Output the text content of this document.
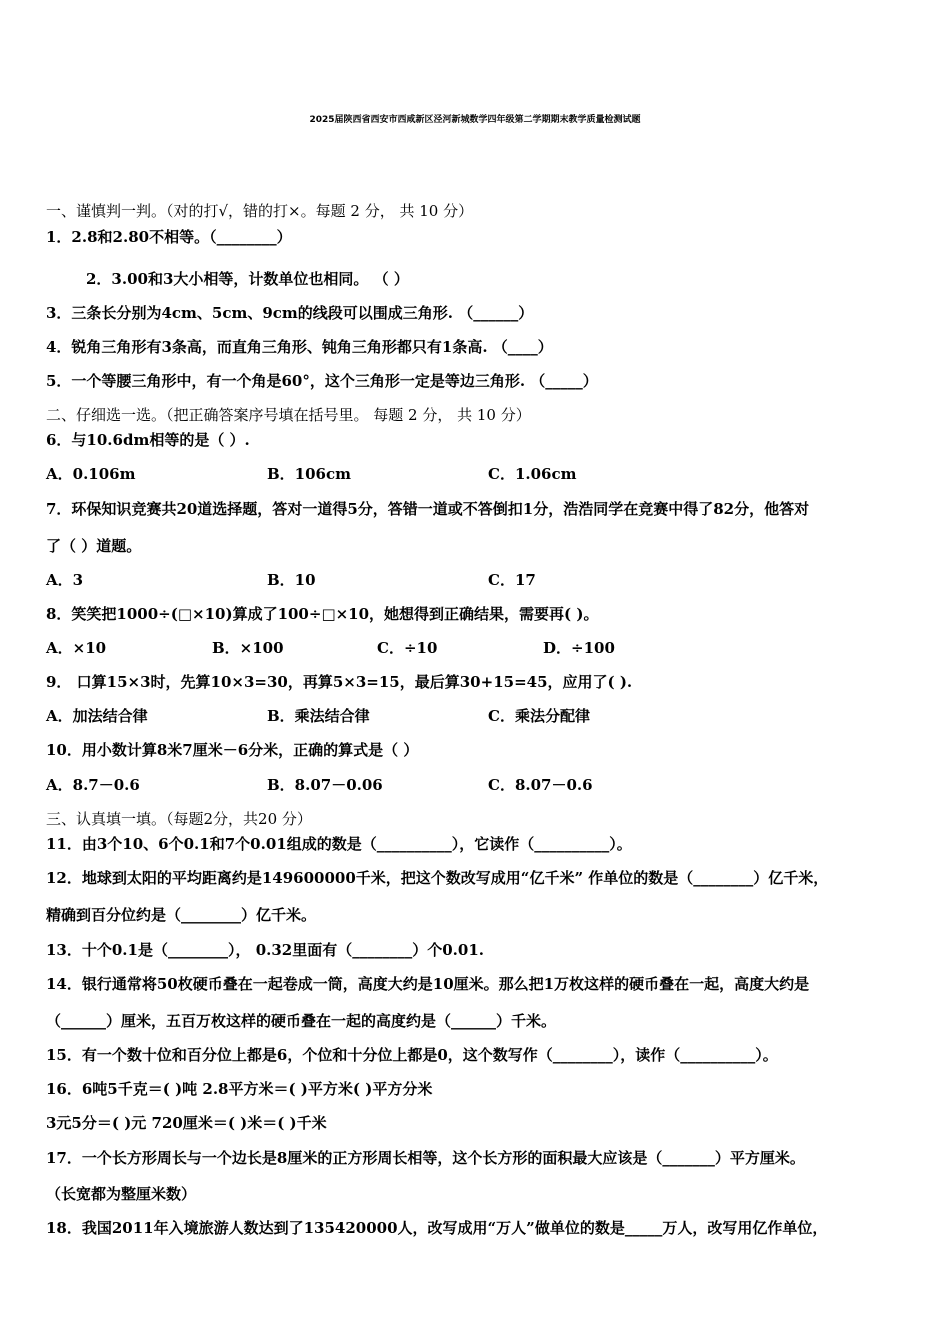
2025届陕西省西安市西咸新区泾河新城数学四年级第二学期期末教学质量检测试题
一、谨慎判一判。（对的打√，错的打×。每题 2 分， 共 10 分）
1．2.8和2.80不相等。（________）
2．3.00和3大小相等，计数单位也相同。 （ ）
3．三条长分别为4cm、5cm、9cm的线段可以围成三角形. （______）
4．锐角三角形有3条高，而直角三角形、钝角三角形都只有1条高. （____）
5．一个等腰三角形中，有一个角是60°，这个三角形一定是等边三角形. （_____）
二、仔细选一选。（把正确答案序号填在括号里。 每题 2 分， 共 10 分）
6．与10.6dm相等的是（ ）.
A．0.106m	B．106cm	C．1.06cm
7．环保知识竞赛共20道选择题，答对一道得5分，答错一道或不答倒扣1分，浩浩同学在竞赛中得了82分，他答对
了（ ）道题。
A．3	B．10	C．17
8．笑笑把1000÷(□×10)算成了100÷□×10，她想得到正确结果，需要再( )。
A．×10	B．×100	C．÷10	D．÷100
9． 口算15×3时，先算10×3=30，再算5×3=15，最后算30+15=45，应用了( ).
A．加法结合律	B．乘法结合律	C．乘法分配律
10．用小数计算8米7厘米－6分米，正确的算式是（ ）
A．8.7－0.6	B．8.07－0.06	C．8.07－0.6
三、认真填一填。（每题2分，共20 分）
11．由3个10、6个0.1和7个0.01组成的数是（__________），它读作（__________）。
12．地球到太阳的平均距离约是149600000千米，把这个数改写成用“亿千米” 作单位的数是（________）亿千米，
精确到百分位约是（________）亿千米。
13．十个0.1是（________）， 0.32里面有（________）个0.01.
14．银行通常将50枚硬币叠在一起卷成一筒，高度大约是10厘米。那么把1万枚这样的硬币叠在一起，高度大约是
（______）厘米，五百万枚这样的硬币叠在一起的高度约是（______）千米。
15．有一个数十位和百分位上都是6，个位和十分位上都是0，这个数写作（________），读作（__________）。
16．6吨5千克＝( )吨 2.8平方米＝( )平方米( )平方分米
3元5分＝( )元 720厘米＝( )米＝( )千米
17．一个长方形周长与一个边长是8厘米的正方形周长相等，这个长方形的面积最大应该是（_______）平方厘米。
（长宽都为整厘米数）
18．我国2011年入境旅游人数达到了135420000人，改写成用“万人”做单位的数是_____万人，改写用亿作单位，
